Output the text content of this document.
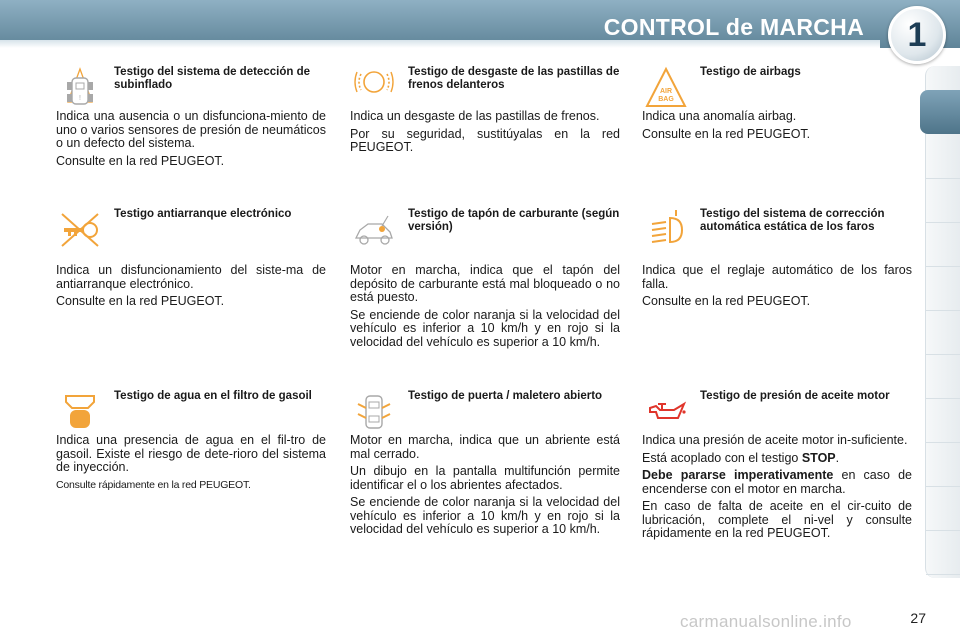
CONTROL de MARCHA	1
!
Testigo del sistema de detección de subinflado

Indica una ausencia o un disfunciona-miento de uno o varios sensores de presión de neumáticos o un defecto del sistema.

Consulte en la red PEUGEOT.

Testigo de desgaste de las pastillas de frenos delanteros

Indica un desgaste de las pastillas de frenos.

Por su seguridad, sustitúyalas en la red PEUGEOT.

AIR
BAG
Testigo de airbags

Indica una anomalía airbag.

Consulte en la red PEUGEOT.

Testigo antiarranque electrónico

Indica un disfuncionamiento del siste-ma de antiarranque electrónico.

Consulte en la red PEUGEOT.

Testigo de tapón de carburante (según versión)

Motor en marcha, indica que el tapón del depósito de carburante está mal bloqueado o no está puesto.

Se enciende de color naranja si la velocidad del vehículo es inferior a 10 km/h y en rojo si la velocidad del vehículo es superior a 10 km/h.

Testigo del sistema de corrección automática estática de los faros

Indica que el reglaje automático de los faros falla.

Consulte en la red PEUGEOT.

Testigo de agua en el filtro de gasoil

Indica una presencia de agua en el fil-tro de gasoil. Existe el riesgo de dete-rioro del sistema de inyección.

Consulte rápidamente en la red PEUGEOT.

Testigo de puerta / maletero abierto

Motor en marcha, indica que un abriente está mal cerrado.

Un dibujo en la pantalla multifunción permite identificar el o los abrientes afectados.

Se enciende de color naranja si la velocidad del vehículo es inferior a 10 km/h y en rojo si la velocidad del vehículo es superior a 10 km/h.

Testigo de presión de aceite motor

Indica una presión de aceite motor in-suficiente.

Está acoplado con el testigo STOP.

Debe pararse imperativamente en caso de encenderse con el motor en marcha.

En caso de falta de aceite en el cir-cuito de lubricación, complete el ni-vel y consulte rápidamente en la red PEUGEOT.

carmanualsonline.info	27
